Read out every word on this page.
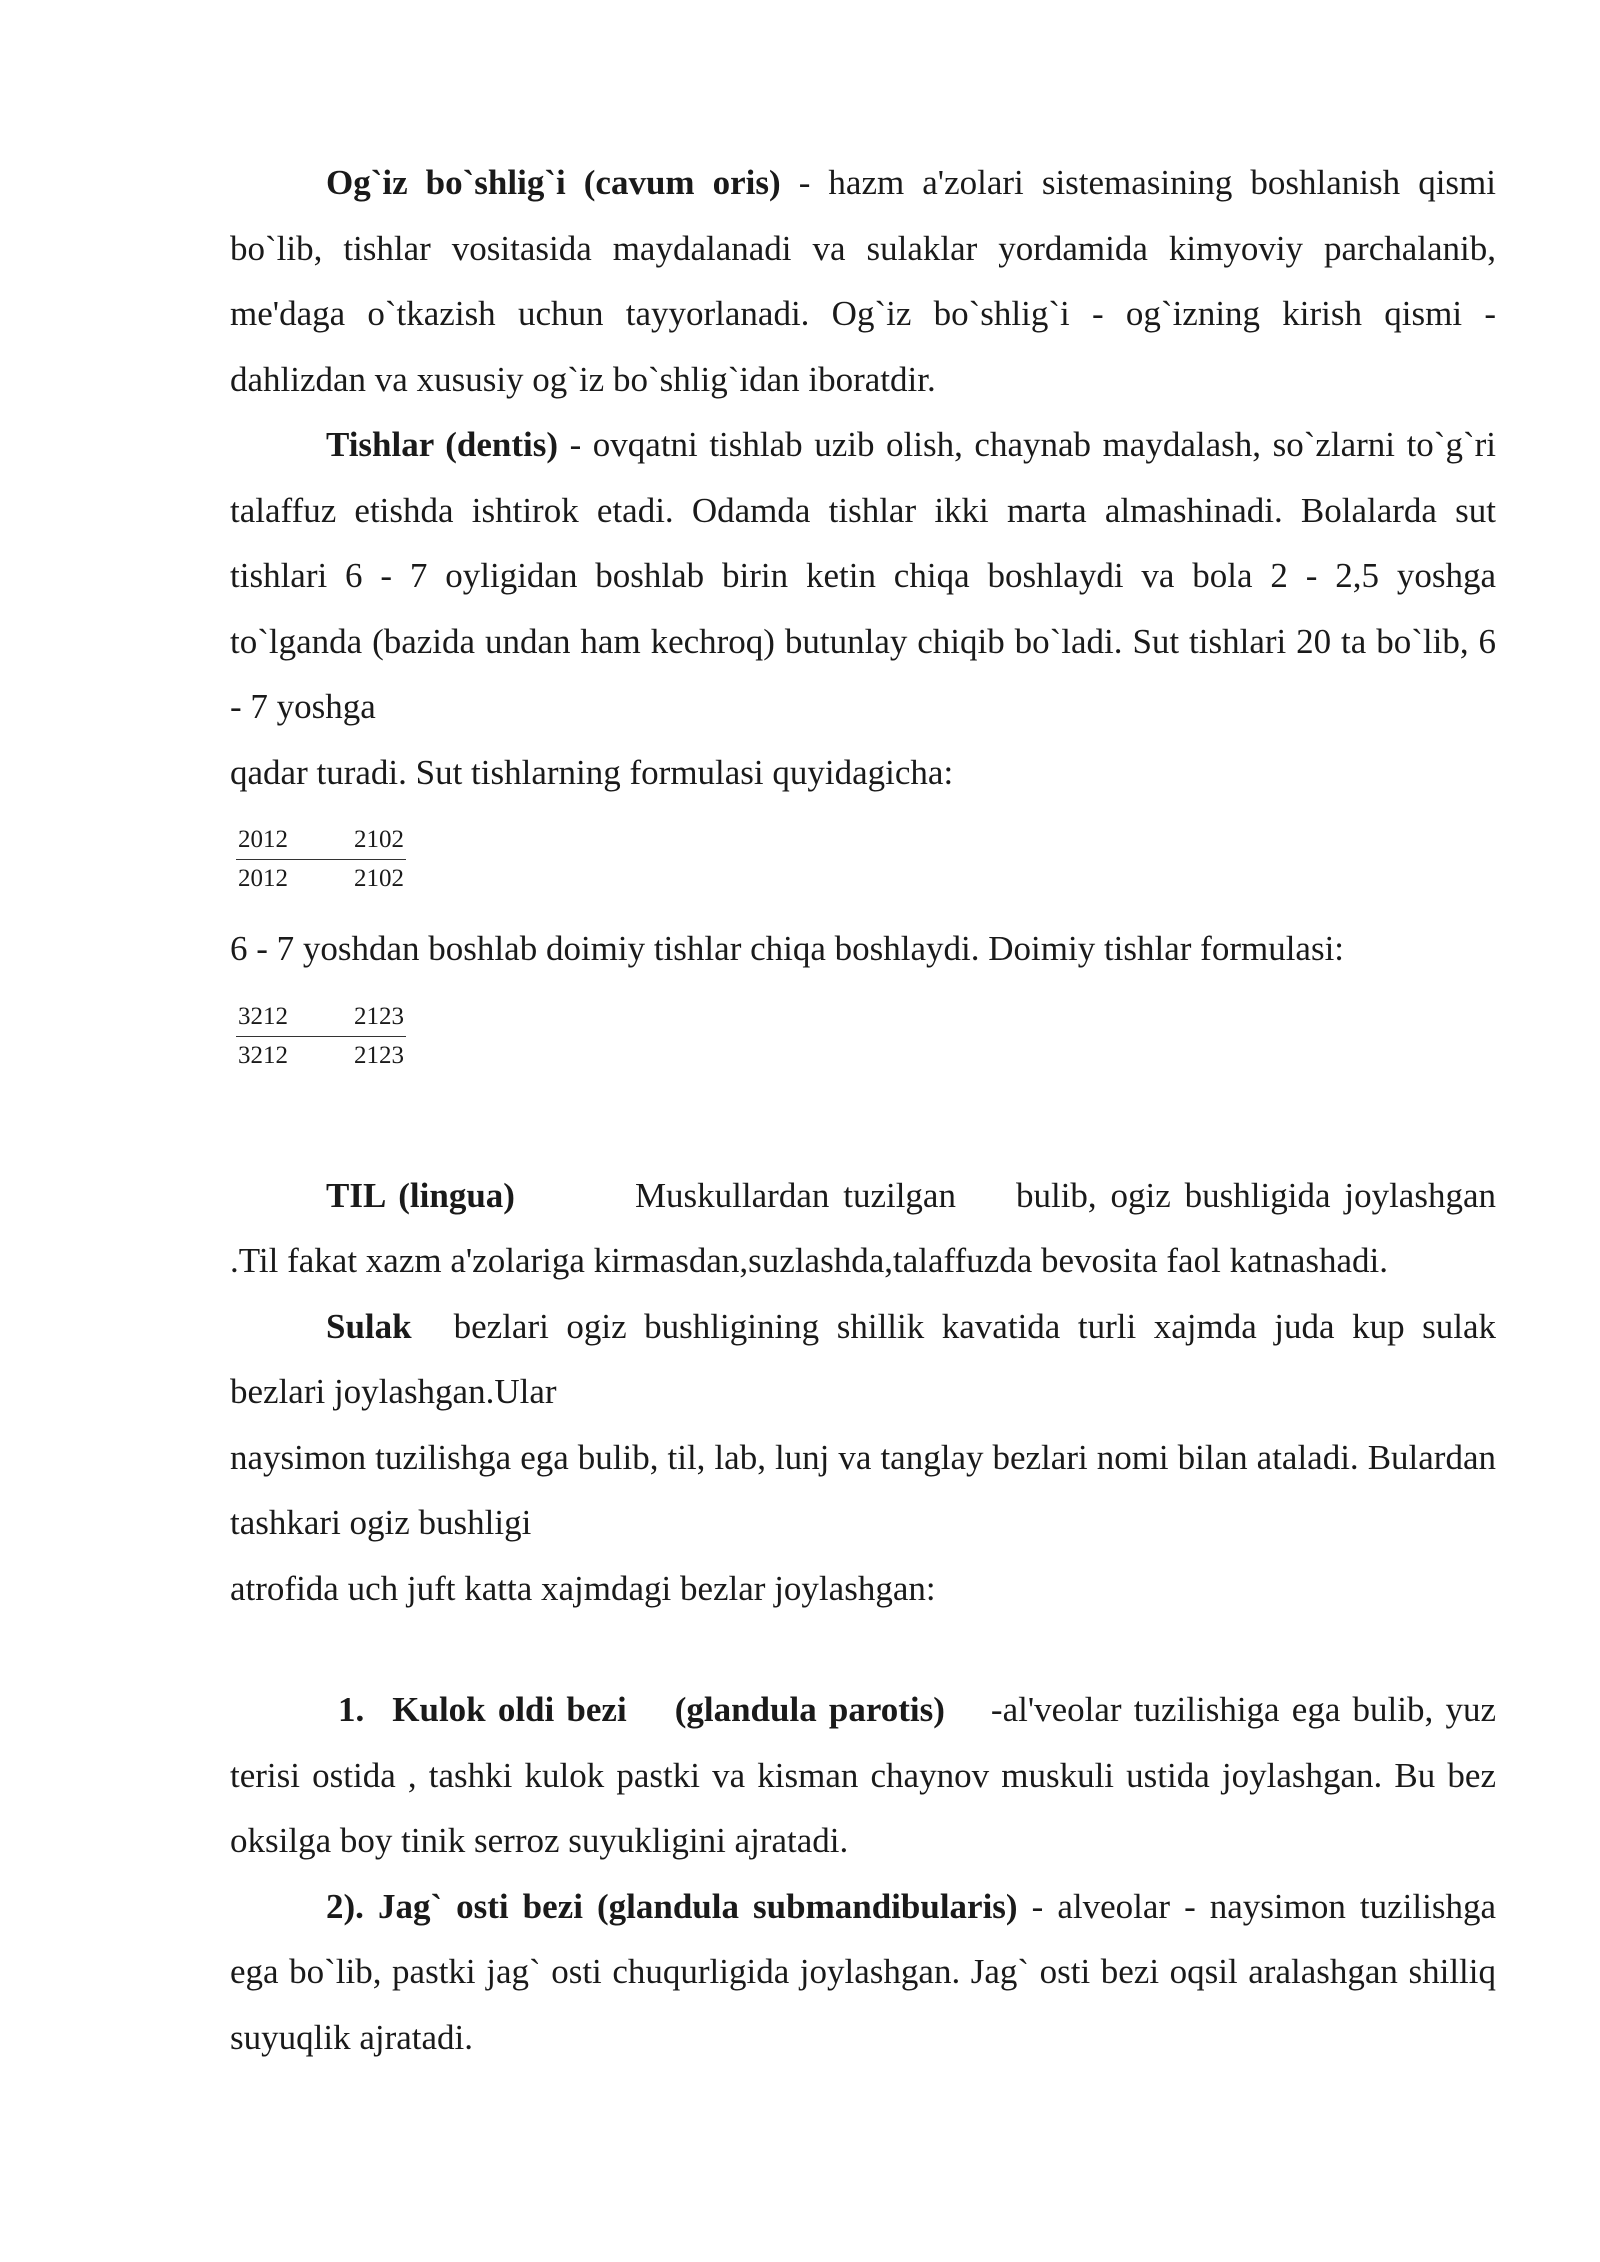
Og`iz bo`shlig`i (cavum oris) - hazm a'zolari sistemasining boshlanish qismi bo`lib, tishlar vositasida maydalanadi va sulaklar yordamida kimyoviy parchalanib, me'daga o`tkazish uchun tayyorlanadi. Og`iz bo`shlig`i - og`izning kirish qismi - dahlizdan va xususiy og`iz bo`shlig`idan iboratdir.

Tishlar (dentis) - ovqatni tishlab uzib olish, chaynab maydalash, so`zlarni to`g`ri talaffuz etishda ishtirok etadi. Odamda tishlar ikki marta almashinadi. Bolalarda sut tishlari 6 - 7 oyligidan boshlab birin ketin chiqa boshlaydi va bola 2 - 2,5 yoshga to`lganda (bazida undan ham kechroq) butunlay chiqib bo`ladi. Sut tishlari 20 ta bo`lib, 6 - 7 yoshga

qadar turadi. Sut tishlarning formulasi quyidagicha:

2012	2102
2012	2102

6 - 7 yoshdan boshlab doimiy tishlar chiqa boshlaydi. Doimiy tishlar formulasi:

3212	2123
3212	2123

TIL (lingua)	Muskullardan tuzilgan bulib, ogiz bushligida joylashgan .Til fakat xazm a'zolariga kirmasdan,suzlashda,talaffuzda bevosita faol katnashadi.

Sulak bezlari ogiz bushligining shillik kavatida turli xajmda juda kup sulak bezlari joylashgan.Ular

naysimon tuzilishga ega bulib, til, lab, lunj va tanglay bezlari nomi bilan ataladi. Bulardan tashkari ogiz bushligi

atrofida uch juft katta xajmdagi bezlar joylashgan:

1. Kulok oldi bezi (glandula parotis) -al'veolar tuzilishiga ega bulib, yuz terisi ostida , tashki kulok pastki va kisman chaynov muskuli ustida joylashgan. Bu bez oksilga boy tinik serroz suyukligini ajratadi.

2). Jag` osti bezi (glandula submandibularis) - alveolar - naysimon tuzilishga ega bo`lib, pastki jag` osti chuqurligida joylashgan. Jag` osti bezi oqsil aralashgan shilliq suyuqlik ajratadi.
